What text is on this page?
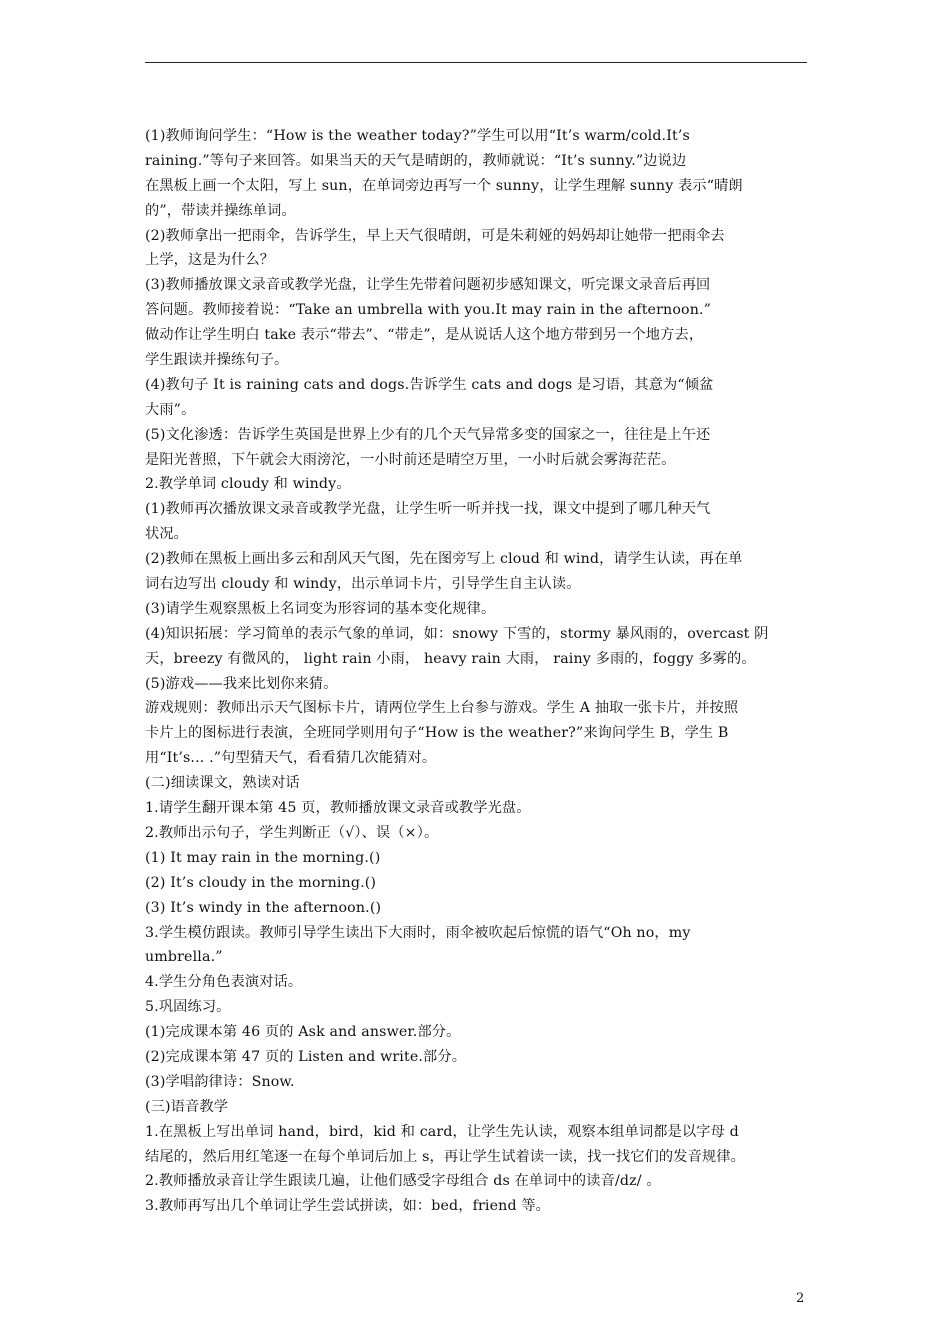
(1)教师询问学生：“How is the weather today?”学生可以用“It’s warm/cold.It’s
raining.”等句子来回答。如果当天的天气是晴朗的，教师就说：“It’s sunny.”边说边
在黑板上画一个太阳，写上 sun，在单词旁边再写一个 sunny，让学生理解 sunny 表示“晴朗
的”，带读并操练单词。
(2)教师拿出一把雨伞，告诉学生，早上天气很晴朗，可是朱莉娅的妈妈却让她带一把雨伞去
上学，这是为什么？
(3)教师播放课文录音或教学光盘，让学生先带着问题初步感知课文，听完课文录音后再回
答问题。教师接着说：“Take an umbrella with you.It may rain in the afternoon.”
做动作让学生明白 take 表示“带去”、“带走”，是从说话人这个地方带到另一个地方去，
学生跟读并操练句子。
(4)教句子 It is raining cats and dogs.告诉学生 cats and dogs 是习语，其意为“倾盆
大雨”。
(5)文化渗透：告诉学生英国是世界上少有的几个天气异常多变的国家之一，往往是上午还
是阳光普照，下午就会大雨滂沱，一小时前还是晴空万里，一小时后就会雾海茫茫。
2.教学单词 cloudy 和 windy。
(1)教师再次播放课文录音或教学光盘，让学生听一听并找一找，课文中提到了哪几种天气
状况。
(2)教师在黑板上画出多云和刮风天气图，先在图旁写上 cloud 和 wind，请学生认读，再在单
词右边写出 cloudy 和 windy，出示单词卡片，引导学生自主认读。
(3)请学生观察黑板上名词变为形容词的基本变化规律。
(4)知识拓展：学习简单的表示气象的单词，如：snowy 下雪的，stormy 暴风雨的，overcast 阴
天，breezy 有微风的， light rain 小雨， heavy rain 大雨， rainy 多雨的，foggy 多雾的。
(5)游戏——我来比划你来猜。
游戏规则：教师出示天气图标卡片，请两位学生上台参与游戏。学生 A 抽取一张卡片，并按照
卡片上的图标进行表演，全班同学则用句子“How is the weather?”来询问学生 B，学生 B
用“It’s... .”句型猜天气，看看猜几次能猜对。
(二)细读课文，熟读对话
1.请学生翻开课本第 45 页，教师播放课文录音或教学光盘。
2.教师出示句子，学生判断正（√）、误（×）。
(1) It may rain in the morning.()
(2) It’s cloudy in the morning.()
(3) It’s windy in the afternoon.()
3.学生模仿跟读。教师引导学生读出下大雨时，雨伞被吹起后惊慌的语气“Oh no，my
umbrella.”
4.学生分角色表演对话。
5.巩固练习。
(1)完成课本第 46 页的 Ask and answer.部分。
(2)完成课本第 47 页的 Listen and write.部分。
(3)学唱韵律诗：Snow.
(三)语音教学
1.在黑板上写出单词 hand，bird，kid 和 card，让学生先认读，观察本组单词都是以字母 d
结尾的，然后用红笔逐一在每个单词后加上 s，再让学生试着读一读，找一找它们的发音规律。
2.教师播放录音让学生跟读几遍，让他们感受字母组合 ds 在单词中的读音/dz/ 。
3.教师再写出几个单词让学生尝试拼读，如：bed，friend 等。
2
